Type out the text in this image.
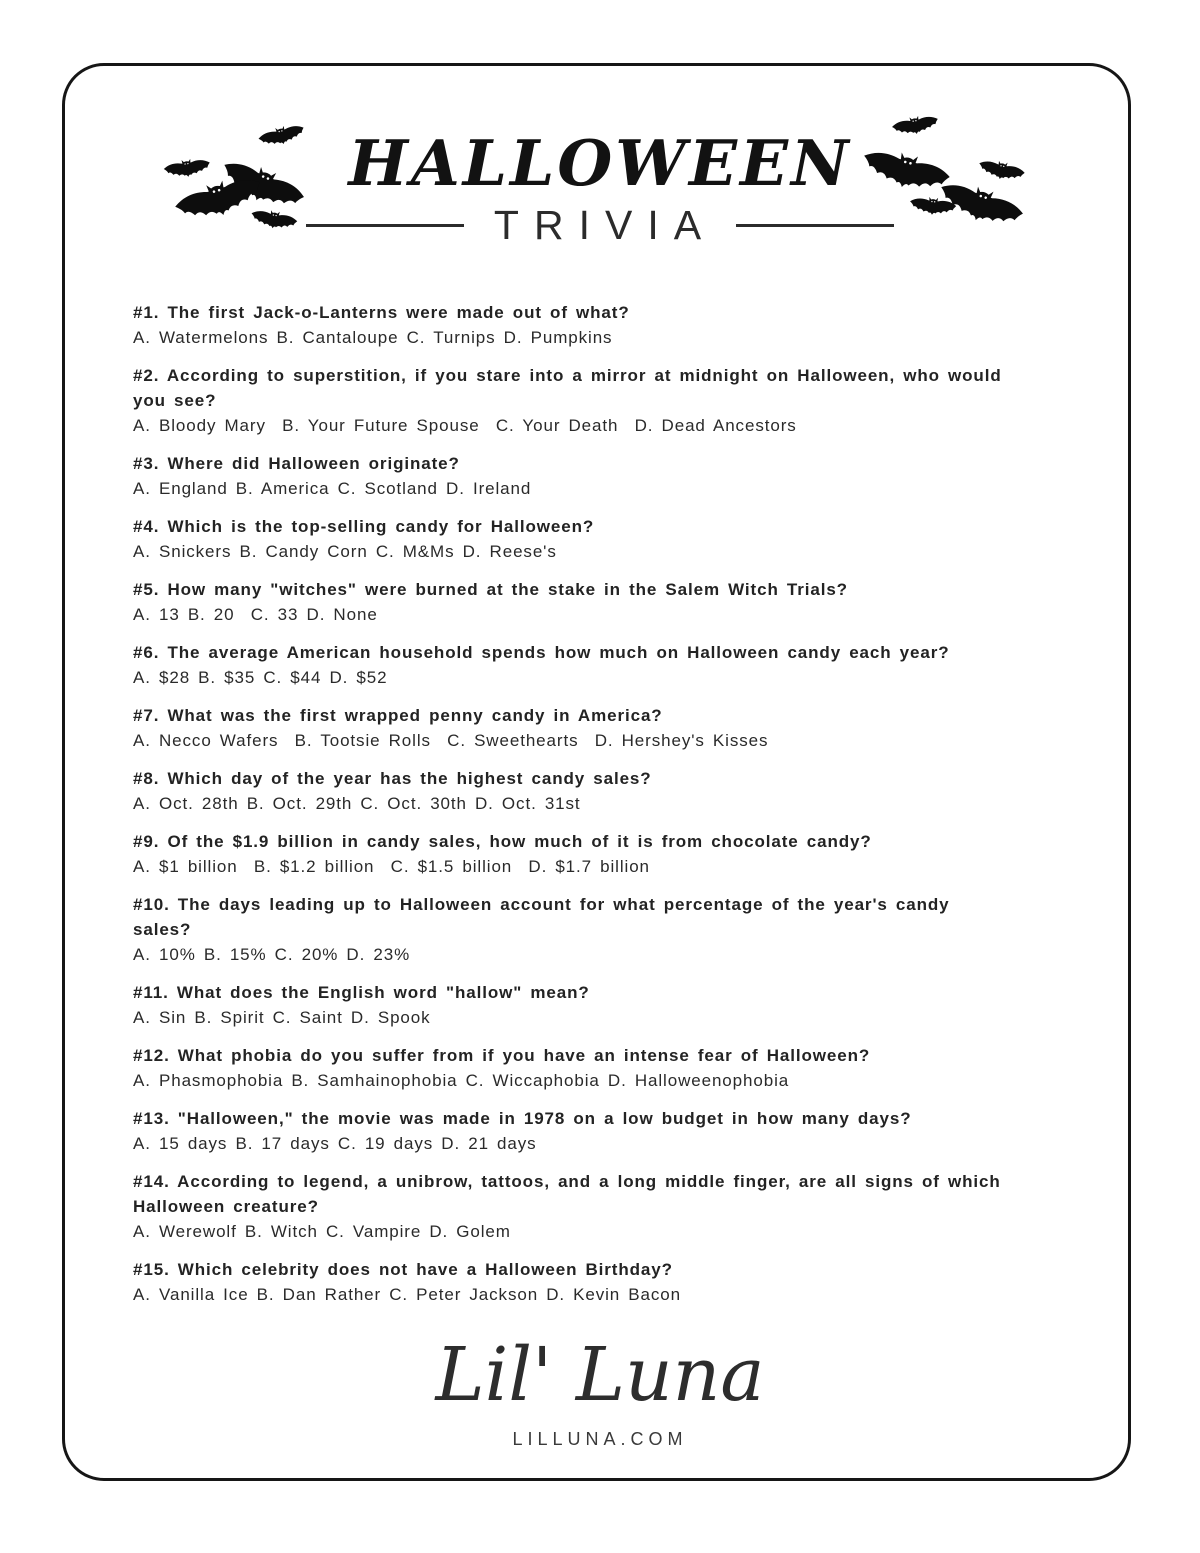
HALLOWEEN
TRIVIA
#1. The first Jack-o-Lanterns were made out of what?
A. Watermelons B. Cantaloupe C. Turnips D. Pumpkins
#2. According to superstition, if you stare into a mirror at midnight on Halloween, who would
you see?
A. Bloody Mary  B. Your Future Spouse  C. Your Death  D. Dead Ancestors
#3. Where did Halloween originate?
A. England B. America C. Scotland D. Ireland
#4. Which is the top-selling candy for Halloween?
A. Snickers B. Candy Corn C. M&Ms D. Reese's
#5. How many "witches" were burned at the stake in the Salem Witch Trials?
A. 13 B. 20  C. 33 D. None
#6. The average American household spends how much on Halloween candy each year?
A. $28 B. $35 C. $44 D. $52
#7. What was the first wrapped penny candy in America?
A. Necco Wafers  B. Tootsie Rolls  C. Sweethearts  D. Hershey's Kisses
#8. Which day of the year has the highest candy sales?
A. Oct. 28th B. Oct. 29th C. Oct. 30th D. Oct. 31st
#9. Of the $1.9 billion in candy sales, how much of it is from chocolate candy?
A. $1 billion  B. $1.2 billion  C. $1.5 billion  D. $1.7 billion
#10. The days leading up to Halloween account for what percentage of the year's candy
sales?
A. 10% B. 15% C. 20% D. 23%
#11. What does the English word "hallow" mean?
A. Sin B. Spirit C. Saint D. Spook
#12. What phobia do you suffer from if you have an intense fear of Halloween?
A. Phasmophobia B. Samhainophobia C. Wiccaphobia D. Halloweenophobia
#13. "Halloween," the movie was made in 1978 on a low budget in how many days?
A. 15 days B. 17 days C. 19 days D. 21 days
#14. According to legend, a unibrow, tattoos, and a long middle finger, are all signs of which
Halloween creature?
A. Werewolf B. Witch C. Vampire D. Golem
#15. Which celebrity does not have a Halloween Birthday?
A. Vanilla Ice B. Dan Rather C. Peter Jackson D. Kevin Bacon
Lil' Luna
LILLUNA.COM
